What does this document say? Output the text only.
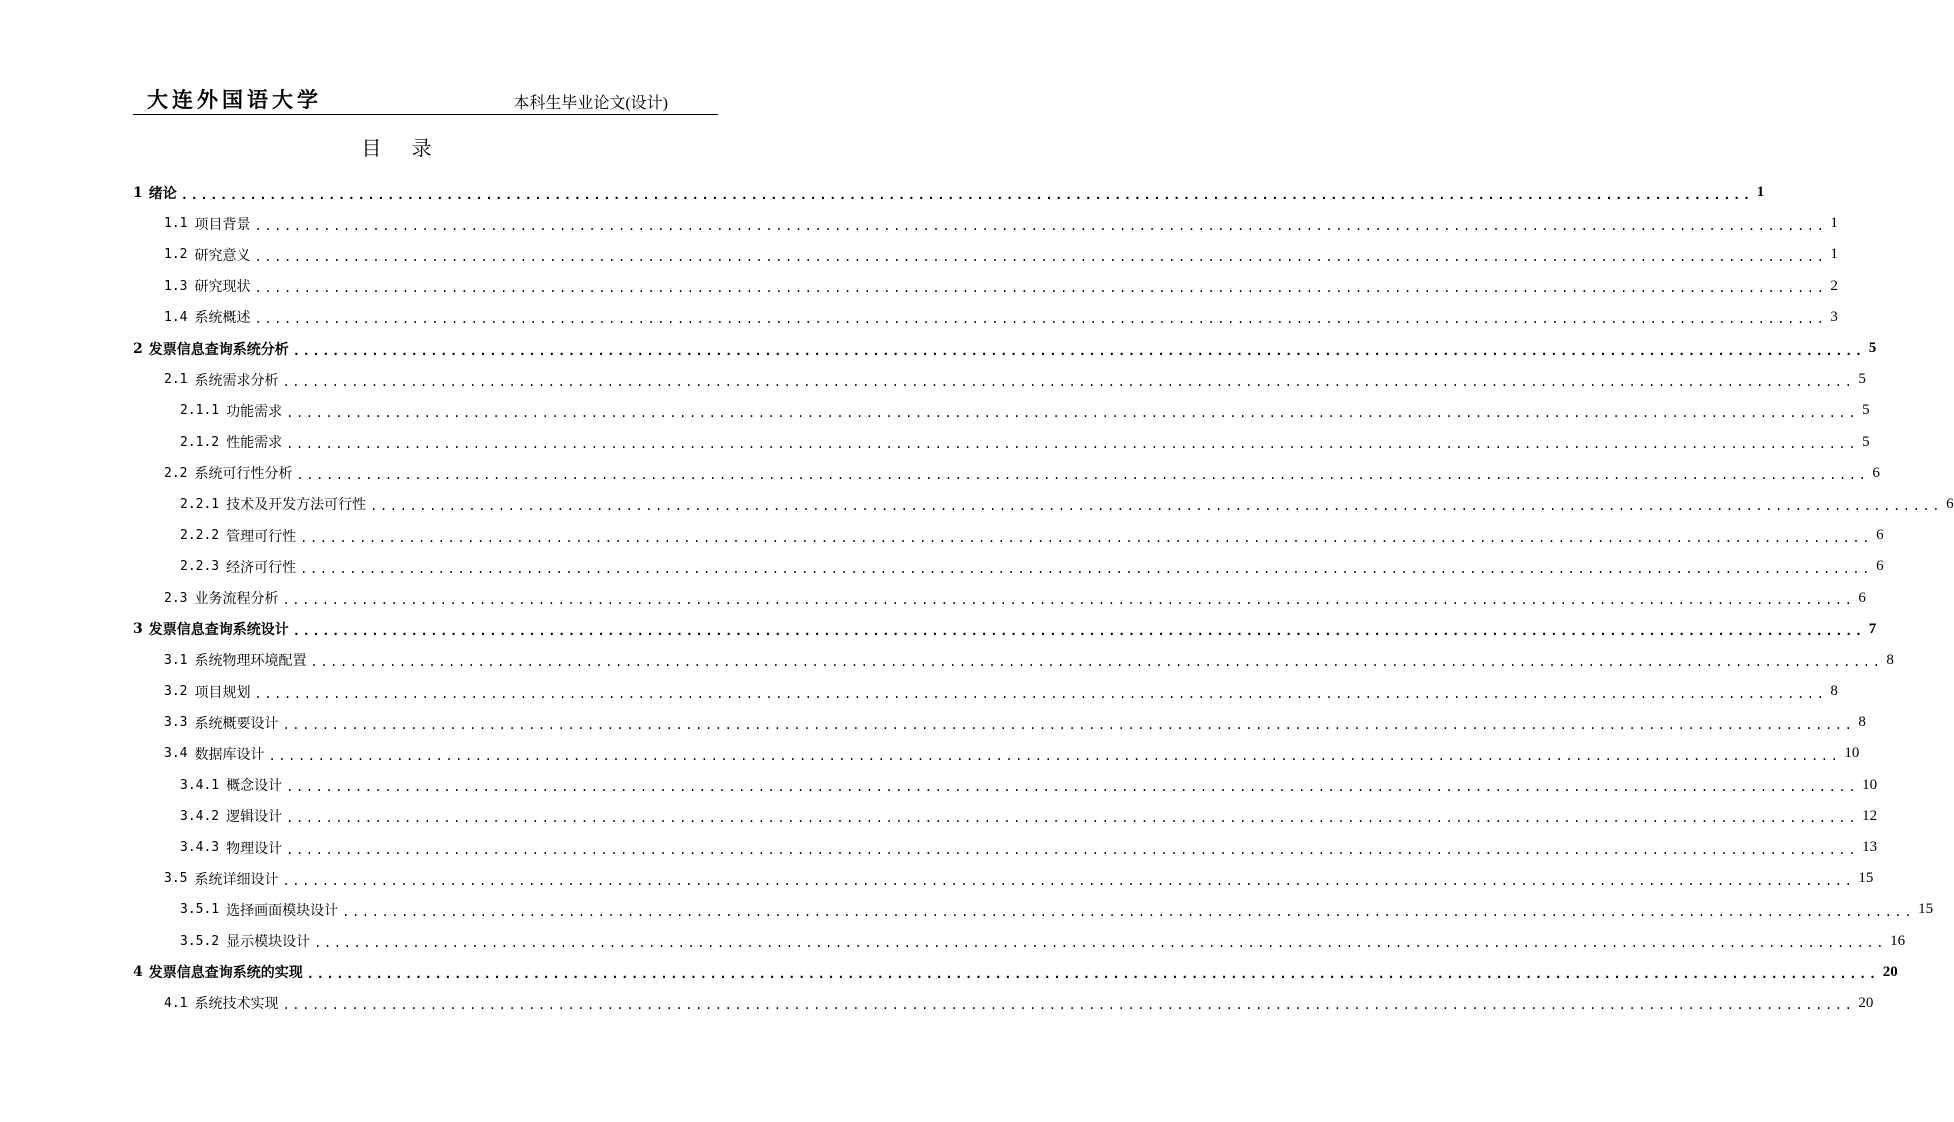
大连外国语大学	本科生毕业论文(设计)
目 录
1 绪论 ................................................................................................................................................................ 1
1.1 项目背景 ................................................................................................................................................................ 1
1.2 研究意义 ................................................................................................................................................................ 1
1.3 研究现状 ................................................................................................................................................................ 2
1.4 系统概述 ................................................................................................................................................................ 3
2 发票信息查询系统分析 ................................................................................................................................................................ 5
2.1 系统需求分析 ................................................................................................................................................................ 5
2.1.1 功能需求 ................................................................................................................................................................ 5
2.1.2 性能需求 ................................................................................................................................................................ 5
2.2 系统可行性分析 ................................................................................................................................................................ 6
2.2.1 技术及开发方法可行性 ................................................................................................................................................................ 6
2.2.2 管理可行性 ................................................................................................................................................................ 6
2.2.3 经济可行性 ................................................................................................................................................................ 6
2.3 业务流程分析 ................................................................................................................................................................ 6
3 发票信息查询系统设计 ................................................................................................................................................................ 7
3.1 系统物理环境配置 ................................................................................................................................................................ 8
3.2 项目规划 ................................................................................................................................................................ 8
3.3 系统概要设计 ................................................................................................................................................................ 8
3.4 数据库设计 ................................................................................................................................................................ 10
3.4.1 概念设计 ................................................................................................................................................................ 10
3.4.2 逻辑设计 ................................................................................................................................................................ 12
3.4.3 物理设计 ................................................................................................................................................................ 13
3.5 系统详细设计 ................................................................................................................................................................ 15
3.5.1 选择画面模块设计 ................................................................................................................................................................ 15
3.5.2 显示模块设计 ................................................................................................................................................................ 16
4 发票信息查询系统的实现 ................................................................................................................................................................ 20
4.1 系统技术实现 ................................................................................................................................................................ 20
